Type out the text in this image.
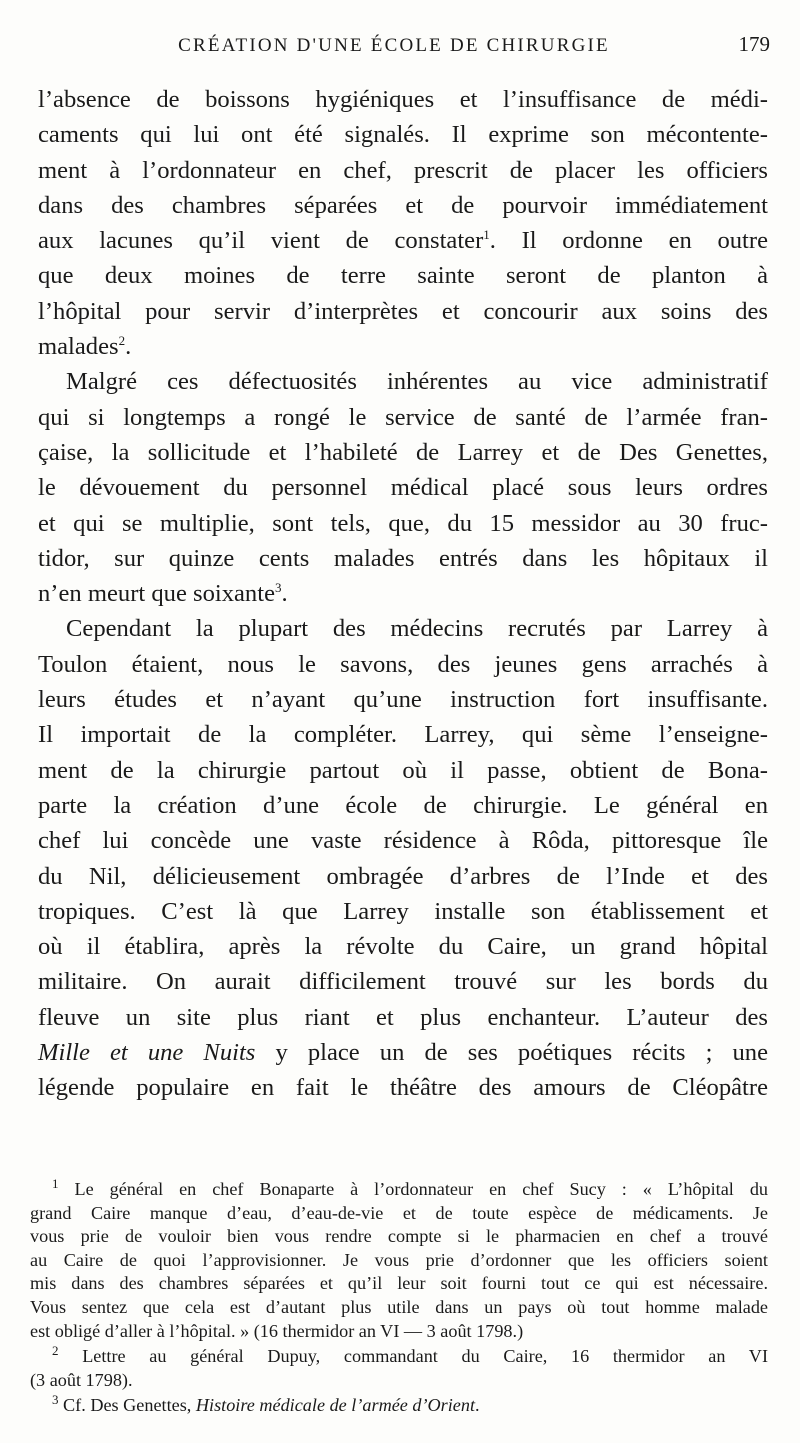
CRÉATION D'UNE ÉCOLE DE CHIRURGIE	179
l’absence de boissons hygiéniques et l’insuffisance de médi-
caments qui lui ont été signalés. Il exprime son mécontente-
ment à l’ordonnateur en chef, prescrit de placer les officiers
dans des chambres séparées et de pourvoir immédiatement
aux lacunes qu’il vient de constater$^1$. Il ordonne en outre
que deux moines de terre sainte seront de planton à
l’hôpital pour servir d’interprètes et concourir aux soins des
malades$^2$.
Malgré ces défectuosités inhérentes au vice administratif
qui si longtemps a rongé le service de santé de l’armée fran-
çaise, la sollicitude et l’habileté de Larrey et de Des Genettes,
le dévouement du personnel médical placé sous leurs ordres
et qui se multiplie, sont tels, que, du 15 messidor au 30 fruc-
tidor, sur quinze cents malades entrés dans les hôpitaux il
n’en meurt que soixante$^3$.
Cependant la plupart des médecins recrutés par Larrey à
Toulon étaient, nous le savons, des jeunes gens arrachés à
leurs études et n’ayant qu’une instruction fort insuffisante.
Il importait de la compléter. Larrey, qui sème l’enseigne-
ment de la chirurgie partout où il passe, obtient de Bona-
parte la création d’une école de chirurgie. Le général en
chef lui concède une vaste résidence à Rôda, pittoresque île
du Nil, délicieusement ombragée d’arbres de l’Inde et des
tropiques. C’est là que Larrey installe son établissement et
où il établira, après la révolte du Caire, un grand hôpital
militaire. On aurait difficilement trouvé sur les bords du
fleuve un site plus riant et plus enchanteur. L’auteur des
Mille et une Nuits y place un de ses poétiques récits ; une
légende populaire en fait le théâtre des amours de Cléopâtre
$^1$ Le général en chef Bonaparte à l’ordonnateur en chef Sucy : « L’hôpital du
grand Caire manque d’eau, d’eau-de-vie et de toute espèce de médicaments. Je
vous prie de vouloir bien vous rendre compte si le pharmacien en chef a trouvé
au Caire de quoi l’approvisionner. Je vous prie d’ordonner que les officiers soient
mis dans des chambres séparées et qu’il leur soit fourni tout ce qui est nécessaire.
Vous sentez que cela est d’autant plus utile dans un pays où tout homme malade
est obligé d’aller à l’hôpital. » (16 thermidor an VI — 3 août 1798.)
$^2$ Lettre au général Dupuy, commandant du Caire, 16 thermidor an VI
(3 août 1798).
$^3$ Cf. Des Genettes, Histoire médicale de l’armée d’Orient.
